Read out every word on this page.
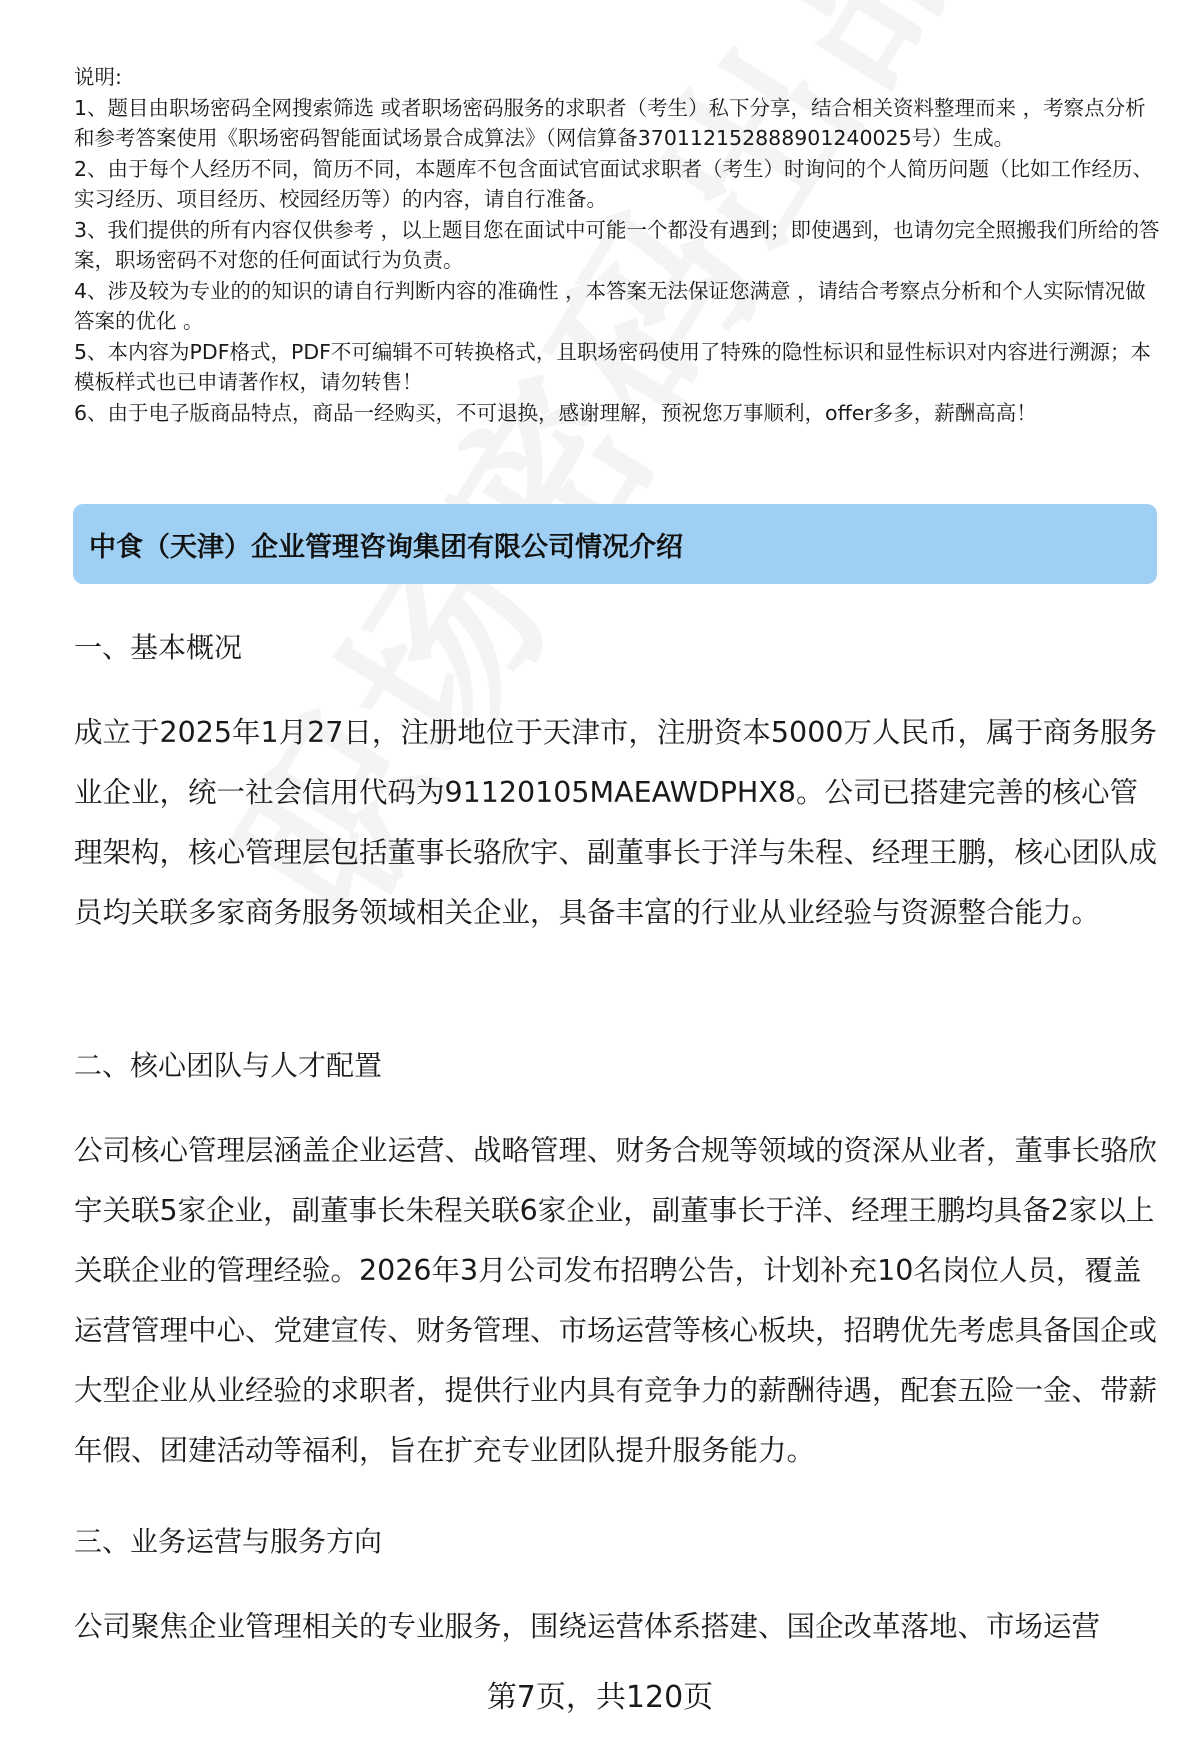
说明:

1、题目由职场密码全网搜索筛选 或者职场密码服务的求职者（考生）私下分享，结合相关资料整理而来 ，考察点分析和参考答案使用《职场密码智能面试场景合成算法》（网信算备370112152888901240025号）生成。

2、由于每个人经历不同，简历不同，本题库不包含面试官面试求职者（考生）时询问的个人简历问题（比如工作经历、实习经历、项目经历、校园经历等）的内容，请自行准备。

3、我们提供的所有内容仅供参考 ，以上题目您在面试中可能一个都没有遇到；即使遇到，也请勿完全照搬我们所给的答案，职场密码不对您的任何面试行为负责。

4、涉及较为专业的的知识的请自行判断内容的准确性 ，本答案无法保证您满意 ，请结合考察点分析和个人实际情况做答案的优化 。

5、本内容为PDF格式，PDF不可编辑不可转换格式，且职场密码使用了特殊的隐性标识和显性标识对内容进行溯源；本模板样式也已申请著作权，请勿转售！

6、由于电子版商品特点，商品一经购买，不可退换，感谢理解，预祝您万事顺利，offer多多，薪酬高高！

中食（天津）企业管理咨询集团有限公司情况介绍
一、基本概况

成立于2025年1月27日，注册地位于天津市，注册资本5000万人民币，属于商务服务业企业，统一社会信用代码为91120105MAEAWDPHX8。公司已搭建完善的核心管理架构，核心管理层包括董事长骆欣宇、副董事长于洋与朱程、经理王鹏，核心团队成员均关联多家商务服务领域相关企业，具备丰富的行业从业经验与资源整合能力。

二、核心团队与人才配置

公司核心管理层涵盖企业运营、战略管理、财务合规等领域的资深从业者，董事长骆欣宇关联5家企业，副董事长朱程关联6家企业，副董事长于洋、经理王鹏均具备2家以上关联企业的管理经验。2026年3月公司发布招聘公告，计划补充10名岗位人员，覆盖运营管理中心、党建宣传、财务管理、市场运营等核心板块，招聘优先考虑具备国企或大型企业从业经验的求职者，提供行业内具有竞争力的薪酬待遇，配套五险一金、带薪年假、团建活动等福利，旨在扩充专业团队提升服务能力。

三、业务运营与服务方向

公司聚焦企业管理相关的专业服务，围绕运营体系搭建、国企改革落地、市场运营

第7页，共120页
